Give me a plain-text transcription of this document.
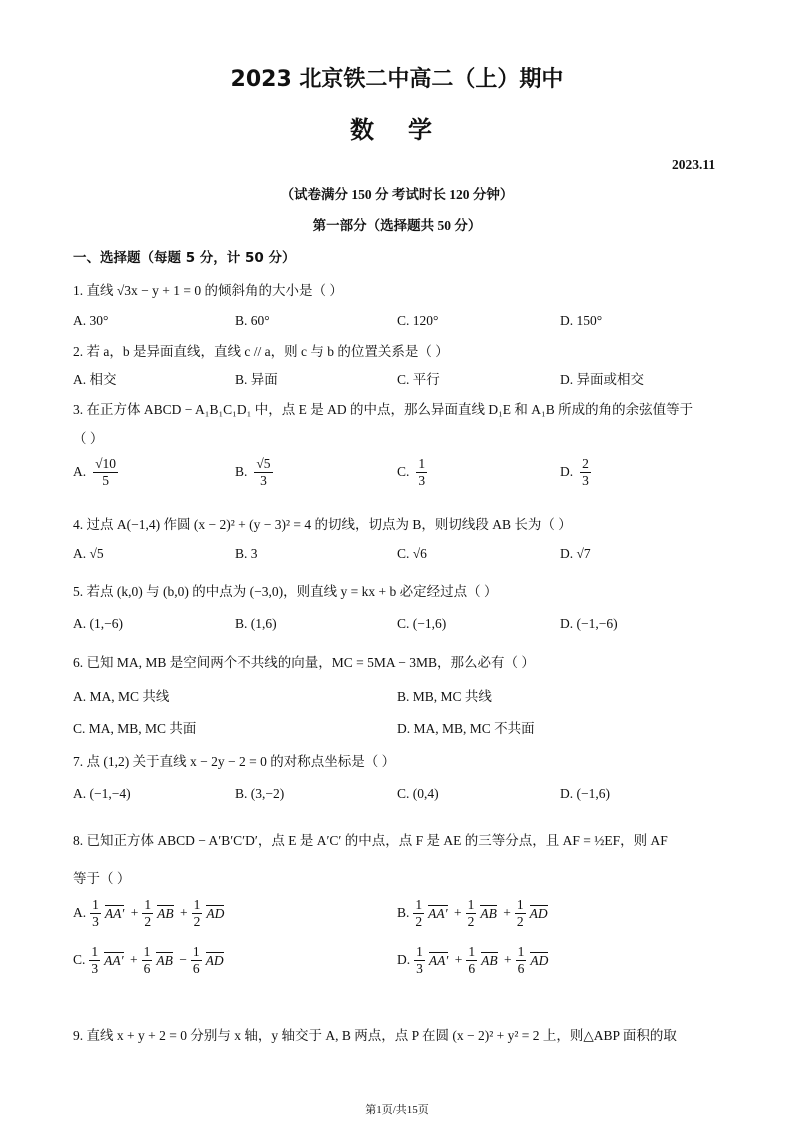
2023 北京铁二中高二（上）期中
数学
2023.11
（试卷满分 150 分 考试时长 120 分钟）
第一部分（选择题共 50 分）
一、选择题（每题 5 分，计 50 分）
1. 直线 √3x − y + 1 = 0 的倾斜角的大小是（ ）
A. 30°	B. 60°	C. 120°	D. 150°
2. 若 a，b 是异面直线，直线 c // a，则 c 与 b 的位置关系是（ ）
A. 相交	B. 异面	C. 平行	D. 异面或相交
3. 在正方体 ABCD − A₁B₁C₁D₁ 中，点 E 是 AD 的中点，那么异面直线 D₁E 和 A₁B 所成的角的余弦值等于
（ ）
A. $\frac{√10}{5}$	B. $\frac{√5}{3}$	C. $\frac{1}{3}$	D. $\frac{2}{3}$
4. 过点 A(−1,4) 作圆 (x − 2)² + (y − 3)² = 4 的切线，切点为 B，则切线段 AB 长为（ ）
A. √5	B. 3	C. √6	D. √7
5. 若点 (k,0) 与 (b,0) 的中点为 (−3,0)，则直线 y = kx + b 必定经过点（ ）
A. (1,−6)	B. (1,6)	C. (−1,6)	D. (−1,−6)
6. 已知 MA, MB 是空间两个不共线的向量，MC = 5MA − 3MB，那么必有（ ）
A. MA, MC 共线	B. MB, MC 共线
C. MA, MB, MC 共面	D. MA, MB, MC 不共面
7. 点 (1,2) 关于直线 x − 2y − 2 = 0 的对称点坐标是（ ）
A. (−1,−4)	B. (3,−2)	C. (0,4)	D. (−1,6)
8. 已知正方体 ABCD − A′B′C′D′，点 E 是 A′C′ 的中点，点 F 是 AE 的三等分点，且 AF = ½EF，则 AF
等于（ ）
A. $\frac{1}{3} AA' + \frac{1}{2}$ AB + $\frac{1}{2}$ AD	B. $\frac{1}{2} AA' + \frac{1}{2}$ AB + $\frac{1}{2}$ AD
C. $\frac{1}{3} AA' + \frac{1}{6}$ AB − $\frac{1}{6}$ AD	D. $\frac{1}{3} AA' + \frac{1}{6}$ AB + $\frac{1}{6}$ AD
9. 直线 x + y + 2 = 0 分别与 x 轴，y 轴交于 A, B 两点，点 P 在圆 (x − 2)² + y² = 2 上，则△ABP 面积的取
第1页/共15页
